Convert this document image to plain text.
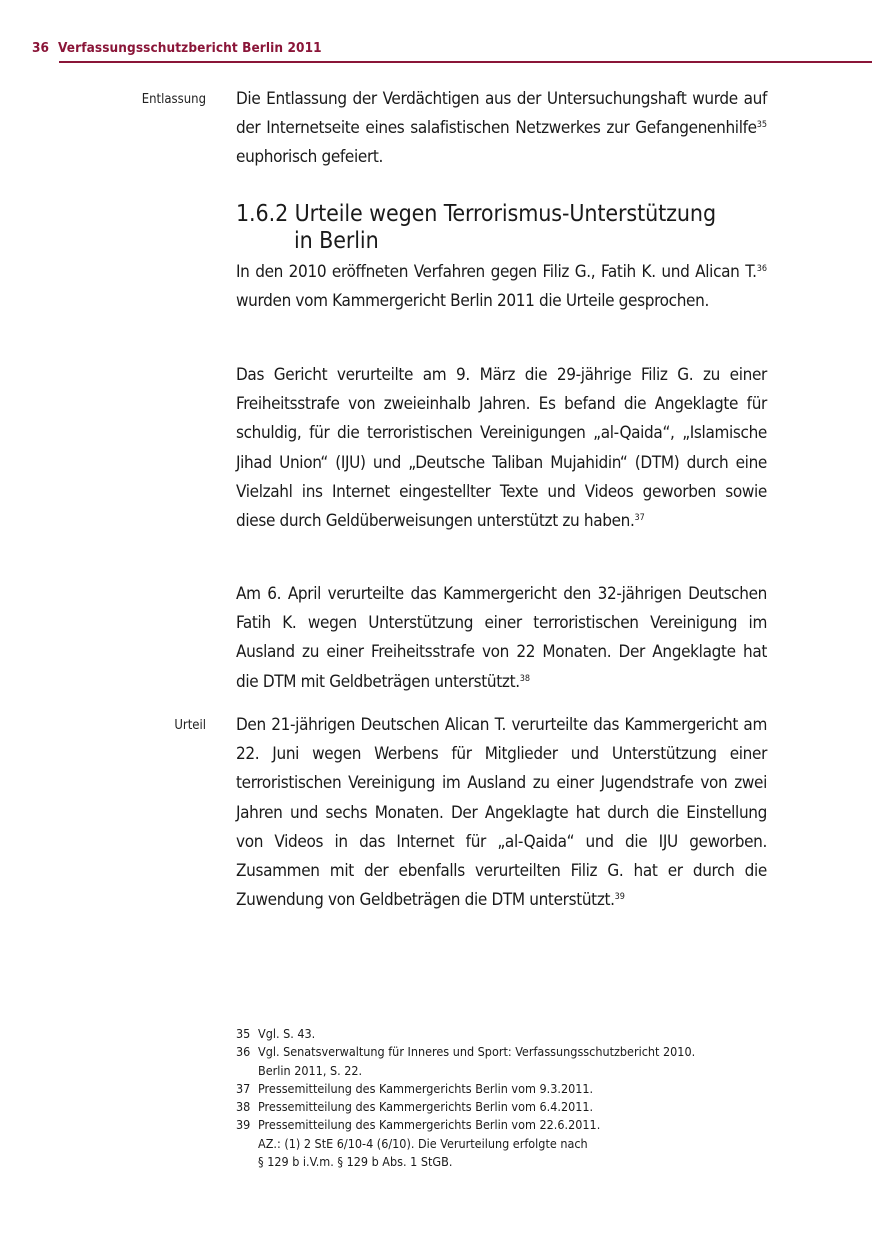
36 Verfassungsschutzbericht Berlin 2011
Entlassung Die Entlassung der Verdächtigen aus der Untersuchungshaft wurde auf der Internetseite eines salafistischen Netzwerkes zur Gefangenenhilfe$^{35}$ euphorisch gefeiert.

1.6.2 Urteile wegen Terrorismus-Unterstützung
in Berlin

In den 2010 eröffneten Verfahren gegen Filiz G., Fatih K. und Alican T.$^{36}$ wurden vom Kammergericht Berlin 2011 die Urteile gesprochen.

Das Gericht verurteilte am 9. März die 29-jährige Filiz G. zu einer Freiheitsstrafe von zweieinhalb Jahren. Es befand die Angeklagte für schuldig, für die terroristischen Vereinigungen „al-Qaida“, „Islamische Jihad Union“ (IJU) und „Deutsche Taliban Mujahidin“ (DTM) durch eine Vielzahl ins Internet eingestellter Texte und Videos geworben sowie diese durch Geldüberweisungen unterstützt zu haben.$^{37}$

Am 6. April verurteilte das Kammergericht den 32-jährigen Deutschen Fatih K. wegen Unterstützung einer terroristischen Vereinigung im Ausland zu einer Freiheitsstrafe von 22 Monaten. Der Angeklagte hat die DTM mit Geldbeträgen unterstützt.$^{38}$

Urteil Den 21-jährigen Deutschen Alican T. verurteilte das Kammergericht am 22. Juni wegen Werbens für Mitglieder und Unterstützung einer terroristischen Vereinigung im Ausland zu einer Jugendstrafe von zwei Jahren und sechs Monaten. Der Angeklagte hat durch die Einstellung von Videos in das Internet für „al-Qaida“ und die IJU geworben. Zusammen mit der ebenfalls verurteilten Filiz G. hat er durch die Zuwendung von Geldbeträgen die DTM unterstützt.$^{39}$

35 Vgl. S. 43.
36 Vgl. Senatsverwaltung für Inneres und Sport: Verfassungsschutzbericht 2010.
Berlin 2011, S. 22.
37 Pressemitteilung des Kammergerichts Berlin vom 9.3.2011.
38 Pressemitteilung des Kammergerichts Berlin vom 6.4.2011.
39 Pressemitteilung des Kammergerichts Berlin vom 22.6.2011.
AZ.: (1) 2 StE 6/10-4 (6/10). Die Verurteilung erfolgte nach
§ 129 b i.V.m. § 129 b Abs. 1 StGB.
